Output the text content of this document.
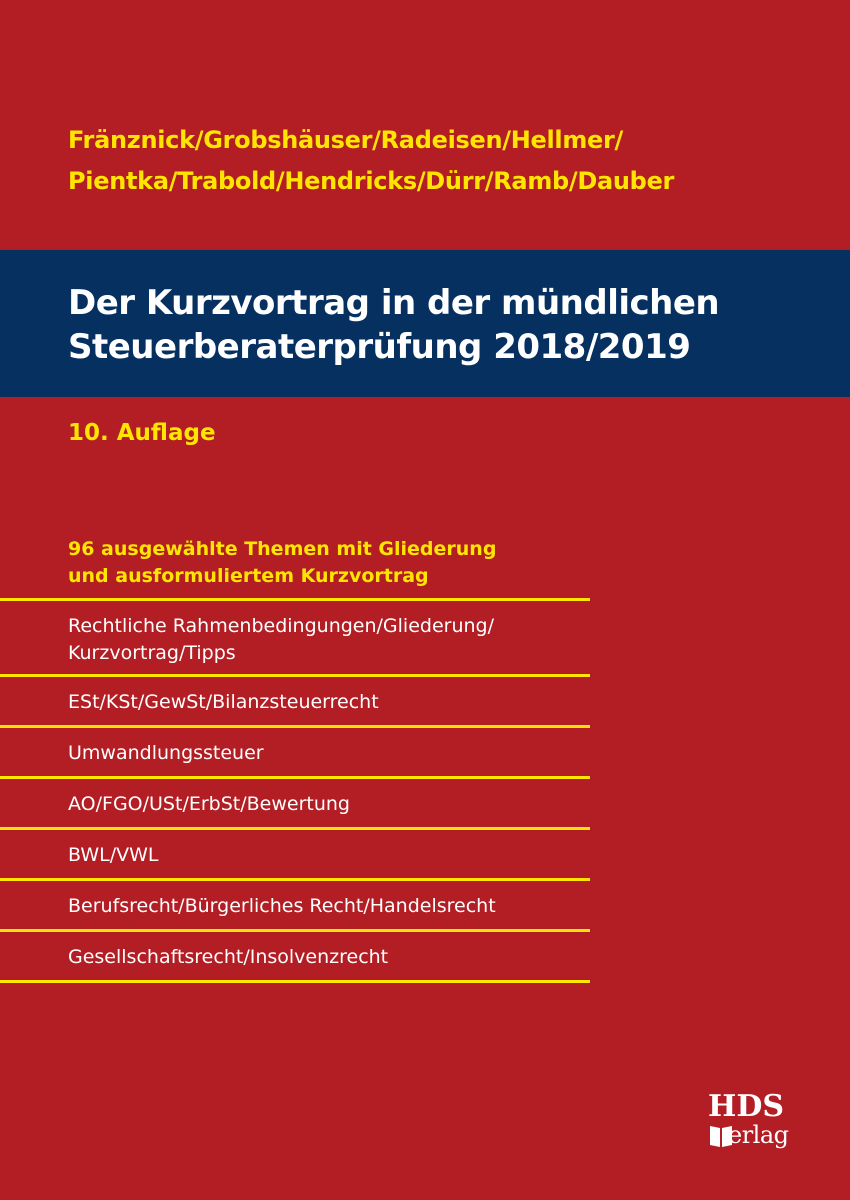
Fränznick/Grobshäuser/Radeisen/Hellmer/
Pientka/Trabold/Hendricks/Dürr/Ramb/Dauber
Der Kurzvortrag in der mündlichen
Steuerberaterprüfung 2018/2019
10. Auflage
96 ausgewählte Themen mit Gliederung
und ausformuliertem Kurzvortrag
Rechtliche Rahmenbedingungen/Gliederung/
Kurzvortrag/Tipps
ESt/KSt/GewSt/Bilanzsteuerrecht
Umwandlungssteuer
AO/FGO/USt/ErbSt/Bewertung
BWL/VWL
Berufsrecht/Bürgerliches Recht/Handelsrecht
Gesellschaftsrecht/Insolvenzrecht
HDS
erlag
